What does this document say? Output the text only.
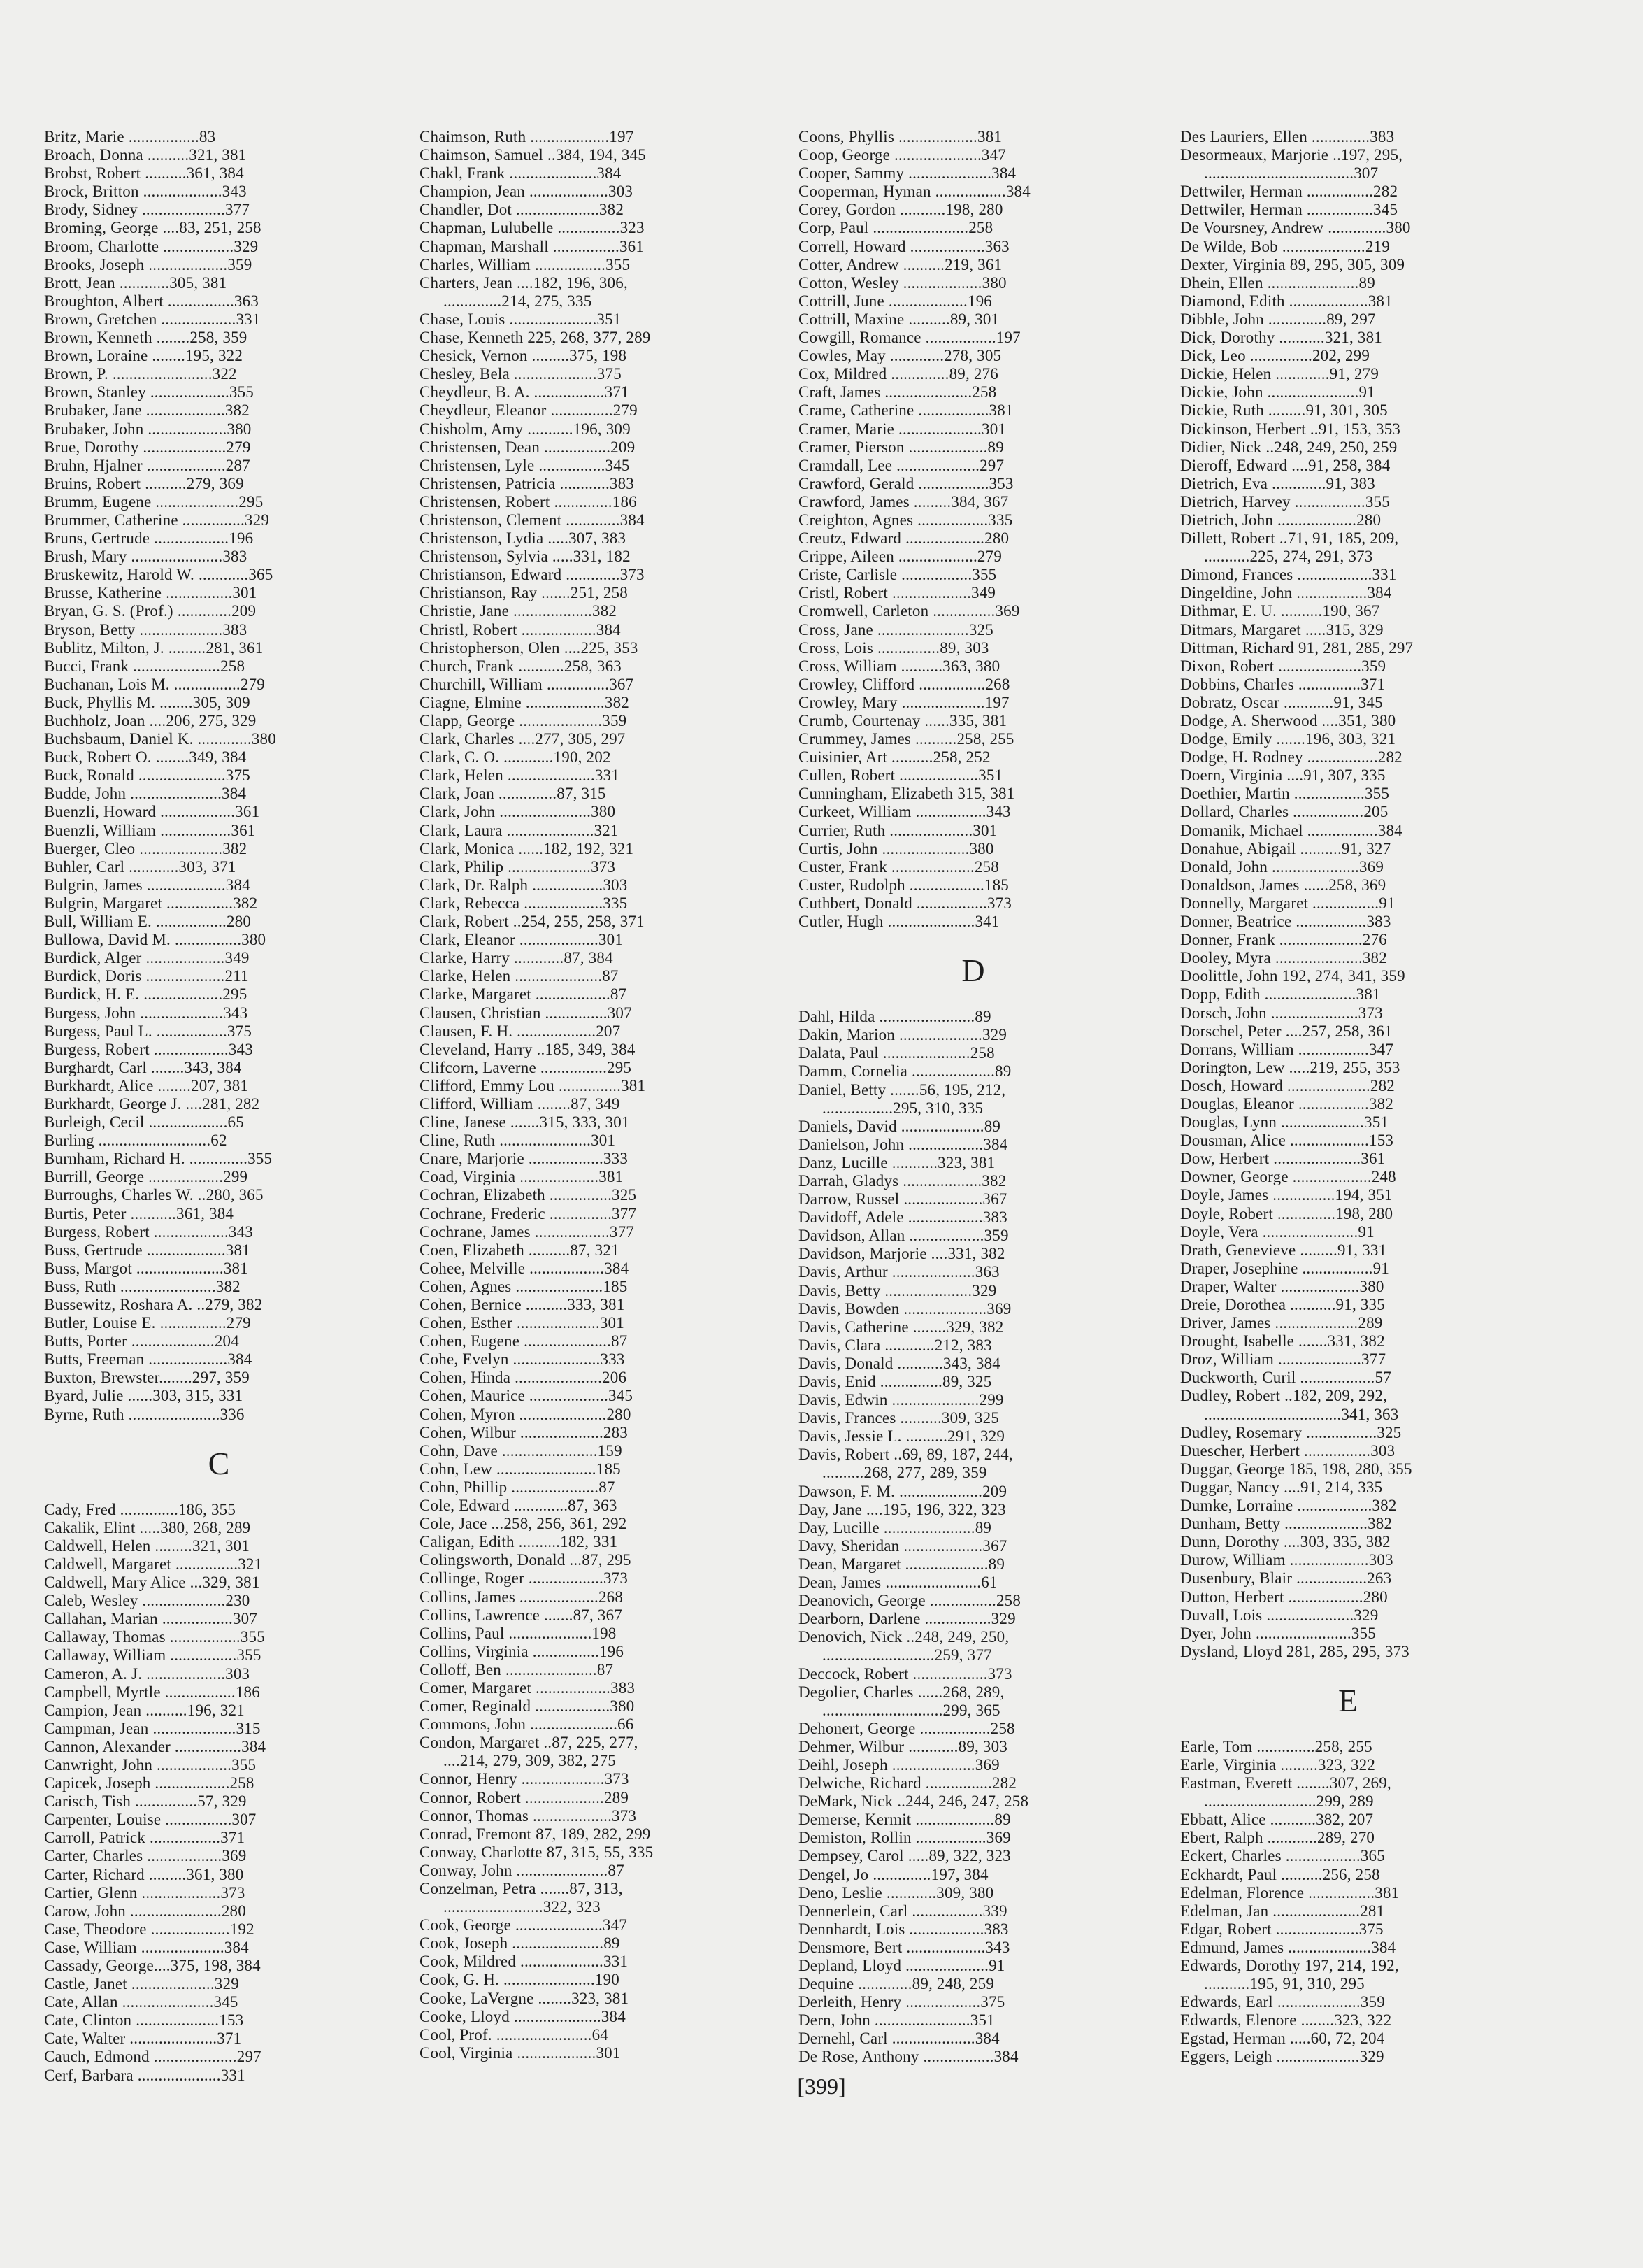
Britz, Marie .................83
Broach, Donna ..........321, 381
Brobst, Robert ..........361, 384
Brock, Britton ...................343
Brody, Sidney ....................377
Broming, George ....83, 251, 258
Broom, Charlotte .................329
Brooks, Joseph ...................359
Brott, Jean ............305, 381
Broughton, Albert ................363
Brown, Gretchen ..................331
Brown, Kenneth ........258, 359
Brown, Loraine ........195, 322
Brown, P. ........................322
Brown, Stanley ...................355
Brubaker, Jane ...................382
Brubaker, John ...................380
Brue, Dorothy ....................279
Bruhn, Hjalner ...................287
Bruins, Robert ..........279, 369
Brumm, Eugene ....................295
Brummer, Catherine ...............329
Bruns, Gertrude ..................196
Brush, Mary ......................383
Bruskewitz, Harold W. ............365
Brusse, Katherine ................301
Bryan, G. S. (Prof.) .............209
Bryson, Betty ....................383
Bublitz, Milton, J. .........281, 361
Bucci, Frank .....................258
Buchanan, Lois M. ................279
Buck, Phyllis M. ........305, 309
Buchholz, Joan ....206, 275, 329
Buchsbaum, Daniel K. .............380
Buck, Robert O. ........349, 384
Buck, Ronald .....................375
Budde, John ......................384
Buenzli, Howard ..................361
Buenzli, William .................361
Buerger, Cleo ....................382
Buhler, Carl ............303, 371
Bulgrin, James ...................384
Bulgrin, Margaret ................382
Bull, William E. .................280
Bullowa, David M. ................380
Burdick, Alger ...................349
Burdick, Doris ...................211
Burdick, H. E. ...................295
Burgess, John ....................343
Burgess, Paul L. .................375
Burgess, Robert ..................343
Burghardt, Carl ........343, 384
Burkhardt, Alice ........207, 381
Burkhardt, George J. ....281, 282
Burleigh, Cecil ...................65
Burling ...........................62
Burnham, Richard H. ..............355
Burrill, George ..................299
Burroughs, Charles W. ..280, 365
Burtis, Peter ...........361, 384
Burgess, Robert ..................343
Buss, Gertrude ...................381
Buss, Margot .....................381
Buss, Ruth .......................382
Bussewitz, Roshara A. ..279, 382
Butler, Louise E. ................279
Butts, Porter ....................204
Butts, Freeman ...................384
Buxton, Brewster........297, 359
Byard, Julie ......303, 315, 331
Byrne, Ruth ......................336
C
Cady, Fred ..............186, 355
Cakalik, Elint .....380, 268, 289
Caldwell, Helen .........321, 301
Caldwell, Margaret ...............321
Caldwell, Mary Alice ...329, 381
Caleb, Wesley ....................230
Callahan, Marian .................307
Callaway, Thomas .................355
Callaway, William ................355
Cameron, A. J. ...................303
Campbell, Myrtle .................186
Campion, Jean ..........196, 321
Campman, Jean ....................315
Cannon, Alexander ................384
Canwright, John ..................355
Capicek, Joseph ..................258
Carisch, Tish ...............57, 329
Carpenter, Louise ................307
Carroll, Patrick .................371
Carter, Charles ..................369
Carter, Richard .........361, 380
Cartier, Glenn ...................373
Carow, John ......................280
Case, Theodore ...................192
Case, William ....................384
Cassady, George....375, 198, 384
Castle, Janet ....................329
Cate, Allan ......................345
Cate, Clinton ....................153
Cate, Walter .....................371
Cauch, Edmond ....................297
Cerf, Barbara ....................331
Chaimson, Ruth ...................197
Chaimson, Samuel ..384, 194, 345
Chakl, Frank .....................384
Champion, Jean ...................303
Chandler, Dot ....................382
Chapman, Lulubelle ...............323
Chapman, Marshall ................361
Charles, William .................355
Charters, Jean ....182, 196, 306,
..............214, 275, 335
Chase, Louis .....................351
Chase, Kenneth 225, 268, 377, 289
Chesick, Vernon .........375, 198
Chesley, Bela ....................375
Cheydleur, B. A. .................371
Cheydleur, Eleanor ...............279
Chisholm, Amy ...........196, 309
Christensen, Dean ................209
Christensen, Lyle ................345
Christensen, Patricia ............383
Christensen, Robert ..............186
Christenson, Clement .............384
Christenson, Lydia .....307, 383
Christenson, Sylvia .....331, 182
Christianson, Edward .............373
Christianson, Ray .......251, 258
Christie, Jane ...................382
Christl, Robert ..................384
Christopherson, Olen ....225, 353
Church, Frank ...........258, 363
Churchill, William ...............367
Ciagne, Elmine ...................382
Clapp, George ....................359
Clark, Charles ....277, 305, 297
Clark, C. O. ............190, 202
Clark, Helen .....................331
Clark, Joan ..............87, 315
Clark, John ......................380
Clark, Laura .....................321
Clark, Monica ......182, 192, 321
Clark, Philip ....................373
Clark, Dr. Ralph .................303
Clark, Rebecca ...................335
Clark, Robert ..254, 255, 258, 371
Clark, Eleanor ...................301
Clarke, Harry ............87, 384
Clarke, Helen .....................87
Clarke, Margaret ..................87
Clausen, Christian ...............307
Clausen, F. H. ...................207
Cleveland, Harry ..185, 349, 384
Clifcorn, Laverne ................295
Clifford, Emmy Lou ...............381
Clifford, William ........87, 349
Cline, Janese .......315, 333, 301
Cline, Ruth ......................301
Cnare, Marjorie ..................333
Coad, Virginia ...................381
Cochran, Elizabeth ...............325
Cochrane, Frederic ...............377
Cochrane, James ..................377
Coen, Elizabeth ..........87, 321
Cohee, Melville ..................384
Cohen, Agnes .....................185
Cohen, Bernice ..........333, 381
Cohen, Esther ....................301
Cohen, Eugene .....................87
Cohe, Evelyn .....................333
Cohen, Hinda .....................206
Cohen, Maurice ...................345
Cohen, Myron .....................280
Cohen, Wilbur ....................283
Cohn, Dave .......................159
Cohn, Lew ........................185
Cohn, Phillip .....................87
Cole, Edward .............87, 363
Cole, Jace ...258, 256, 361, 292
Caligan, Edith ..........182, 331
Colingsworth, Donald ...87, 295
Collinge, Roger ..................373
Collins, James ...................268
Collins, Lawrence .......87, 367
Collins, Paul ....................198
Collins, Virginia ................196
Colloff, Ben ......................87
Comer, Margaret ..................383
Comer, Reginald ..................380
Commons, John .....................66
Condon, Margaret ..87, 225, 277,
....214, 279, 309, 382, 275
Connor, Henry ....................373
Connor, Robert ...................289
Connor, Thomas ...................373
Conrad, Fremont 87, 189, 282, 299
Conway, Charlotte 87, 315, 55, 335
Conway, John ......................87
Conzelman, Petra .......87, 313,
........................322, 323
Cook, George .....................347
Cook, Joseph ......................89
Cook, Mildred ....................331
Cook, G. H. ......................190
Cooke, LaVergne ........323, 381
Cooke, Lloyd .....................384
Cool, Prof. .......................64
Cool, Virginia ...................301
Coons, Phyllis ...................381
Coop, George .....................347
Cooper, Sammy ....................384
Cooperman, Hyman .................384
Corey, Gordon ...........198, 280
Corp, Paul .......................258
Correll, Howard ..................363
Cotter, Andrew ..........219, 361
Cotton, Wesley ...................380
Cottrill, June ...................196
Cottrill, Maxine ..........89, 301
Cowgill, Romance .................197
Cowles, May .............278, 305
Cox, Mildred ..............89, 276
Craft, James .....................258
Crame, Catherine .................381
Cramer, Marie ....................301
Cramer, Pierson ...................89
Cramdall, Lee ....................297
Crawford, Gerald .................353
Crawford, James .........384, 367
Creighton, Agnes .................335
Creutz, Edward ...................280
Crippe, Aileen ...................279
Criste, Carlisle .................355
Cristl, Robert ...................349
Cromwell, Carleton ...............369
Cross, Jane ......................325
Cross, Lois ...............89, 303
Cross, William ..........363, 380
Crowley, Clifford ................268
Crowley, Mary ....................197
Crumb, Courtenay ......335, 381
Crummey, James ..........258, 255
Cuisinier, Art ..........258, 252
Cullen, Robert ...................351
Cunningham, Elizabeth 315, 381
Curkeet, William .................343
Currier, Ruth ....................301
Curtis, John .....................380
Custer, Frank ....................258
Custer, Rudolph ..................185
Cuthbert, Donald .................373
Cutler, Hugh .....................341
D
Dahl, Hilda .......................89
Dakin, Marion ....................329
Dalata, Paul .....................258
Damm, Cornelia ....................89
Daniel, Betty .......56, 195, 212,
.................295, 310, 335
Daniels, David ....................89
Danielson, John ..................384
Danz, Lucille ...........323, 381
Darrah, Gladys ...................382
Darrow, Russel ...................367
Davidoff, Adele ..................383
Davidson, Allan ..................359
Davidson, Marjorie ....331, 382
Davis, Arthur ....................363
Davis, Betty .....................329
Davis, Bowden ....................369
Davis, Catherine ........329, 382
Davis, Clara ............212, 383
Davis, Donald ...........343, 384
Davis, Enid ...............89, 325
Davis, Edwin .....................299
Davis, Frances ..........309, 325
Davis, Jessie L. ..........291, 329
Davis, Robert ..69, 89, 187, 244,
..........268, 277, 289, 359
Dawson, F. M. ....................209
Day, Jane ....195, 196, 322, 323
Day, Lucille ......................89
Davy, Sheridan ...................367
Dean, Margaret ....................89
Dean, James .......................61
Deanovich, George ................258
Dearborn, Darlene ................329
Denovich, Nick ..248, 249, 250,
...........................259, 377
Deccock, Robert ..................373
Degolier, Charles ......268, 289,
.............................299, 365
Dehonert, George .................258
Dehmer, Wilbur ............89, 303
Deihl, Joseph ....................369
Delwiche, Richard ................282
DeMark, Nick ..244, 246, 247, 258
Demerse, Kermit ...................89
Demiston, Rollin .................369
Dempsey, Carol .....89, 322, 323
Dengel, Jo ..............197, 384
Deno, Leslie ............309, 380
Dennerlein, Carl .................339
Dennhardt, Lois ..................383
Densmore, Bert ...................343
Depland, Lloyd ....................91
Dequine .............89, 248, 259
Derleith, Henry ..................375
Dern, John .......................351
Dernehl, Carl ....................384
De Rose, Anthony .................384
Des Lauriers, Ellen ..............383
Desormeaux, Marjorie ..197, 295,
....................................307
Dettwiler, Herman ................282
Dettwiler, Herman ................345
De Voursney, Andrew ..............380
De Wilde, Bob ....................219
Dexter, Virginia 89, 295, 305, 309
Dhein, Ellen ......................89
Diamond, Edith ...................381
Dibble, John ..............89, 297
Dick, Dorothy ...........321, 381
Dick, Leo ...............202, 299
Dickie, Helen .............91, 279
Dickie, John ......................91
Dickie, Ruth .........91, 301, 305
Dickinson, Herbert ..91, 153, 353
Didier, Nick ..248, 249, 250, 259
Dieroff, Edward ....91, 258, 384
Dietrich, Eva .............91, 383
Dietrich, Harvey .................355
Dietrich, John ...................280
Dillett, Robert ..71, 91, 185, 209,
...........225, 274, 291, 373
Dimond, Frances ..................331
Dingeldine, John .................384
Dithmar, E. U. ..........190, 367
Ditmars, Margaret .....315, 329
Dittman, Richard 91, 281, 285, 297
Dixon, Robert ....................359
Dobbins, Charles ...............371
Dobratz, Oscar ............91, 345
Dodge, A. Sherwood ....351, 380
Dodge, Emily .......196, 303, 321
Dodge, H. Rodney .................282
Doern, Virginia ....91, 307, 335
Doethier, Martin .................355
Dollard, Charles .................205
Domanik, Michael .................384
Donahue, Abigail ..........91, 327
Donald, John .....................369
Donaldson, James ......258, 369
Donnelly, Margaret ................91
Donner, Beatrice .................383
Donner, Frank ....................276
Dooley, Myra .....................382
Doolittle, John 192, 274, 341, 359
Dopp, Edith ......................381
Dorsch, John .....................373
Dorschel, Peter ....257, 258, 361
Dorrans, William .................347
Dorington, Lew .....219, 255, 353
Dosch, Howard ....................282
Douglas, Eleanor .................382
Douglas, Lynn ....................351
Dousman, Alice ...................153
Dow, Herbert .....................361
Downer, George ...................248
Doyle, James ...............194, 351
Doyle, Robert ..............198, 280
Doyle, Vera .......................91
Drath, Genevieve .........91, 331
Draper, Josephine .................91
Draper, Walter ...................380
Dreie, Dorothea ...........91, 335
Driver, James ....................289
Drought, Isabelle .......331, 382
Droz, William ....................377
Duckworth, Curil ..................57
Dudley, Robert ..182, 209, 292,
.................................341, 363
Dudley, Rosemary .................325
Duescher, Herbert ................303
Duggar, George 185, 198, 280, 355
Duggar, Nancy ....91, 214, 335
Dumke, Lorraine ..................382
Dunham, Betty ....................382
Dunn, Dorothy ....303, 335, 382
Durow, William ...................303
Dusenbury, Blair .................263
Dutton, Herbert ..................280
Duvall, Lois .....................329
Dyer, John .......................355
Dysland, Lloyd 281, 285, 295, 373
E
Earle, Tom ..............258, 255
Earle, Virginia .........323, 322
Eastman, Everett ........307, 269,
...........................299, 289
Ebbatt, Alice ...........382, 207
Ebert, Ralph ............289, 270
Eckert, Charles ..................365
Eckhardt, Paul ..........256, 258
Edelman, Florence ................381
Edelman, Jan .....................281
Edgar, Robert ....................375
Edmund, James ....................384
Edwards, Dorothy 197, 214, 192,
...........195, 91, 310, 295
Edwards, Earl ....................359
Edwards, Elenore ........323, 322
Egstad, Herman .....60, 72, 204
Eggers, Leigh ....................329
[399]
